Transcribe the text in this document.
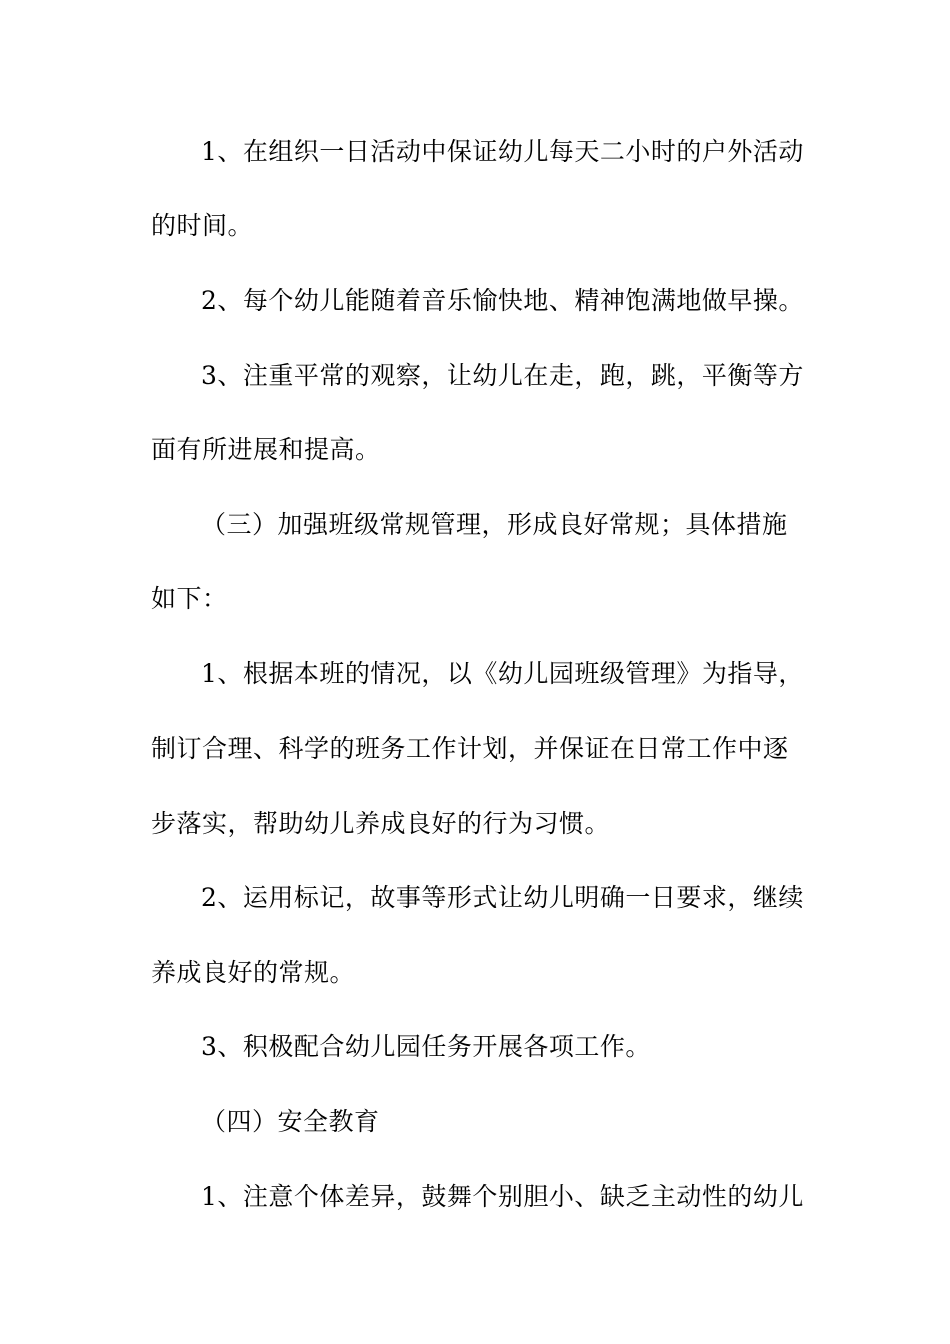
1、在组织一日活动中保证幼儿每天二小时的户外活动
的时间。
2、每个幼儿能随着音乐愉快地、精神饱满地做早操。
3、注重平常的观察，让幼儿在走，跑，跳，平衡等方
面有所进展和提高。
（三）加强班级常规管理，形成良好常规；具体措施
如下：
1、根据本班的情况，以《幼儿园班级管理》为指导，
制订合理、科学的班务工作计划，并保证在日常工作中逐
步落实，帮助幼儿养成良好的行为习惯。
2、运用标记，故事等形式让幼儿明确一日要求，继续
养成良好的常规。
3、积极配合幼儿园任务开展各项工作。
（四）安全教育
1、注意个体差异，鼓舞个别胆小、缺乏主动性的幼儿
